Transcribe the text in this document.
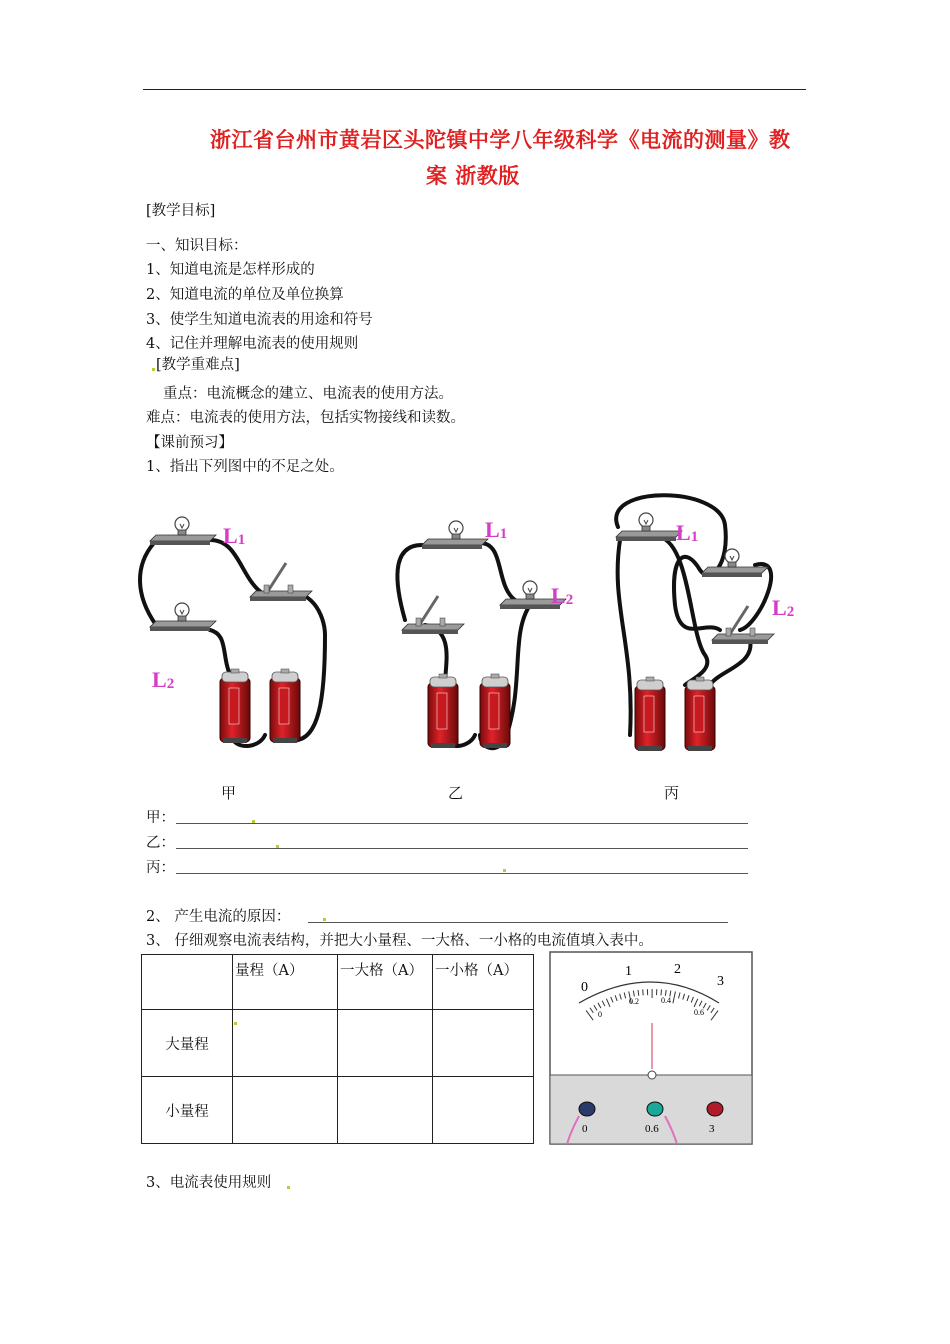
浙江省台州市黄岩区头陀镇中学八年级科学《电流的测量》教
案 浙教版
[教学目标]
一、知识目标：
1、知道电流是怎样形成的
2、知道电流的单位及单位换算
3、使学生知道电流表的用途和符号
4、记住并理解电流表的使用规则
[教学重难点]
重点：电流概念的建立、电流表的使用方法。
难点：电流表的使用方法，包括实物接线和读数。
【课前预习】
1、指出下列图中的不足之处。
$L_1$
$L_2$
$L_1$
$L_2$
$L_1$
$L_2$
甲	乙	丙
甲：
乙：
丙：
2、 产生电流的原因：
3、 仔细观察电流表结构，并把大小量程、一大格、一小格的电流值填入表中。
	量程（A）	一大格（A）	一小格（A）
大量程			
小量程			
0
1	2
3
0
0.2	0.4
0.6
0	0.6	3
3、电流表使用规则
